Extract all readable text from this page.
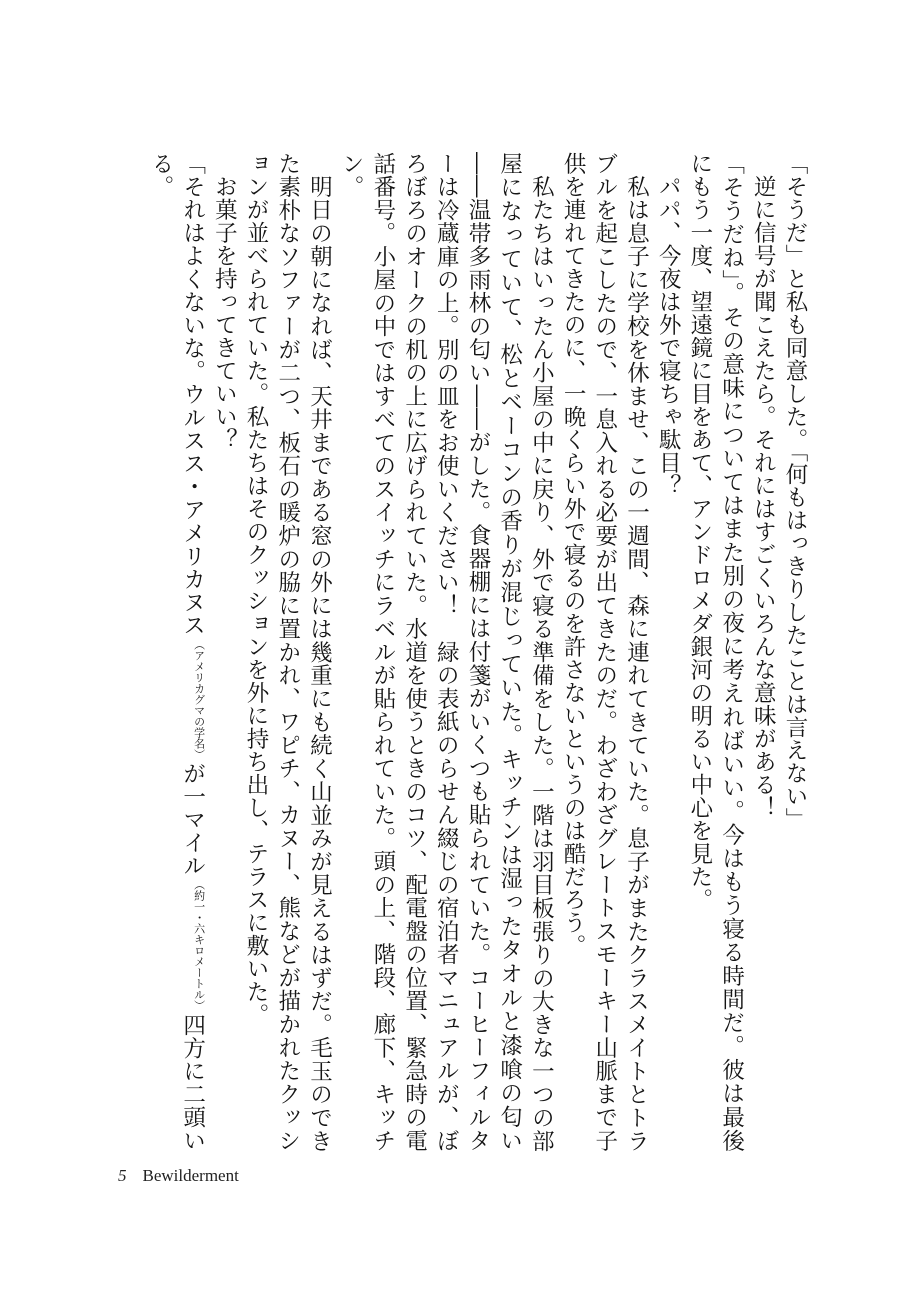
「そうだ」と私も同意した。「何もはっきりしたことは言えない」

逆に信号が聞こえたら。それにはすごくいろんな意味がある！

「そうだね」。その意味についてはまた別の夜に考えればいい。今はもう寝る時間だ。彼は最後にもう一度、望遠鏡に目をあて、アンドロメダ銀河の明るい中心を見た。

パパ、今夜は外で寝ちゃ駄目？

私は息子に学校を休ませ、この一週間、森に連れてきていた。息子がまたクラスメイトとトラブルを起こしたので、一息入れる必要が出てきたのだ。わざわざグレートスモーキー山脈まで子供を連れてきたのに、一晩くらい外で寝るのを許さないというのは酷だろう。

私たちはいったん小屋の中に戻り、外で寝る準備をした。一階は羽目板張りの大きな一つの部屋になっていて、松とベーコンの香りが混じっていた。キッチンは湿ったタオルと漆喰の匂い――温帯多雨林の匂い――がした。食器棚には付箋がいくつも貼られていた。コーヒーフィルターは冷蔵庫の上。別の皿をお使いください！　緑の表紙のらせん綴じの宿泊者マニュアルが、ぼろぼろのオークの机の上に広げられていた。水道を使うときのコツ、配電盤の位置、緊急時の電話番号。小屋の中ではすべてのスイッチにラベルが貼られていた。頭の上、階段、廊下、キッチン。

明日の朝になれば、天井まである窓の外には幾重にも続く山並みが見えるはずだ。毛玉のできた素朴なソファーが二つ、板石の暖炉の脇に置かれ、ワピチ、カヌー、熊などが描かれたクッションが並べられていた。私たちはそのクッションを外に持ち出し、テラスに敷いた。

お菓子を持ってきていい？

「それはよくないな。ウルスス・アメリカヌス（アメリカグマの学名）が一マイル（約一・六キロメートル）四方に二頭いる。

5 Bewilderment
